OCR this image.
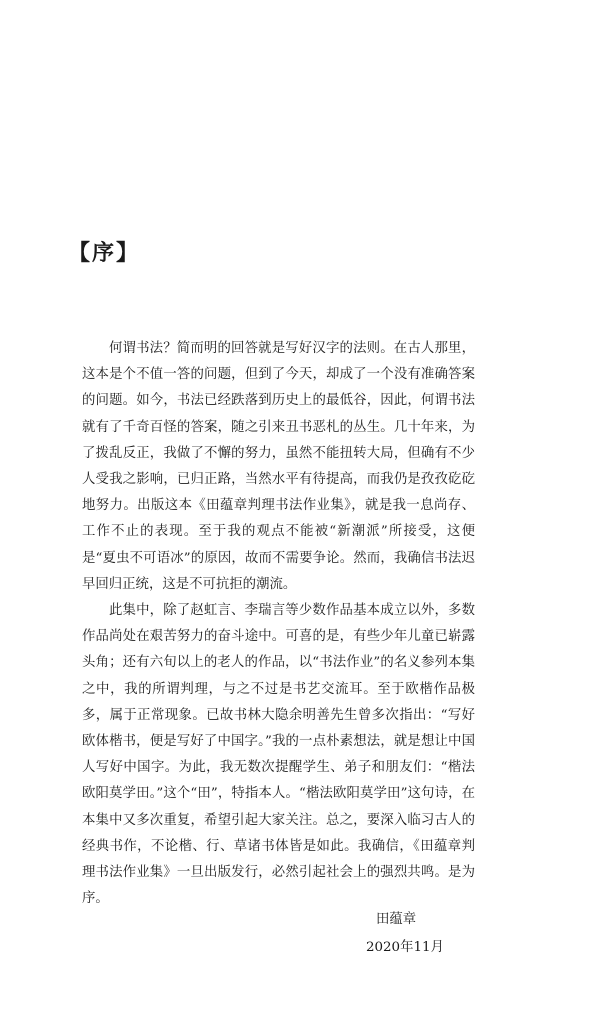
【序】

何谓书法？简而明的回答就是写好汉字的法则。在古人那里，这本是个不值一答的问题，但到了今天，却成了一个没有准确答案的问题。如今，书法已经跌落到历史上的最低谷，因此，何谓书法就有了千奇百怪的答案，随之引来丑书恶札的丛生。几十年来，为了拨乱反正，我做了不懈的努力，虽然不能扭转大局，但确有不少人受我之影响，已归正路，当然水平有待提高，而我仍是孜孜矻矻地努力。出版这本《田蕴章判理书法作业集》，就是我一息尚存、工作不止的表现。至于我的观点不能被“新潮派”所接受，这便是“夏虫不可语冰”的原因，故而不需要争论。然而，我确信书法迟早回归正统，这是不可抗拒的潮流。

此集中，除了赵虹言、李瑞言等少数作品基本成立以外，多数作品尚处在艰苦努力的奋斗途中。可喜的是，有些少年儿童已崭露头角；还有六旬以上的老人的作品，以“书法作业”的名义参列本集之中，我的所谓判理，与之不过是书艺交流耳。至于欧楷作品极多，属于正常现象。已故书林大隐余明善先生曾多次指出：“写好欧体楷书，便是写好了中国字。”我的一点朴素想法，就是想让中国人写好中国字。为此，我无数次提醒学生、弟子和朋友们：“楷法欧阳莫学田。”这个“田”，特指本人。“楷法欧阳莫学田”这句诗，在本集中又多次重复，希望引起大家关注。总之，要深入临习古人的经典书作，不论楷、行、草诸书体皆是如此。我确信，《田蕴章判理书法作业集》一旦出版发行，必然引起社会上的强烈共鸣。是为序。

田蕴章
2020年11月
